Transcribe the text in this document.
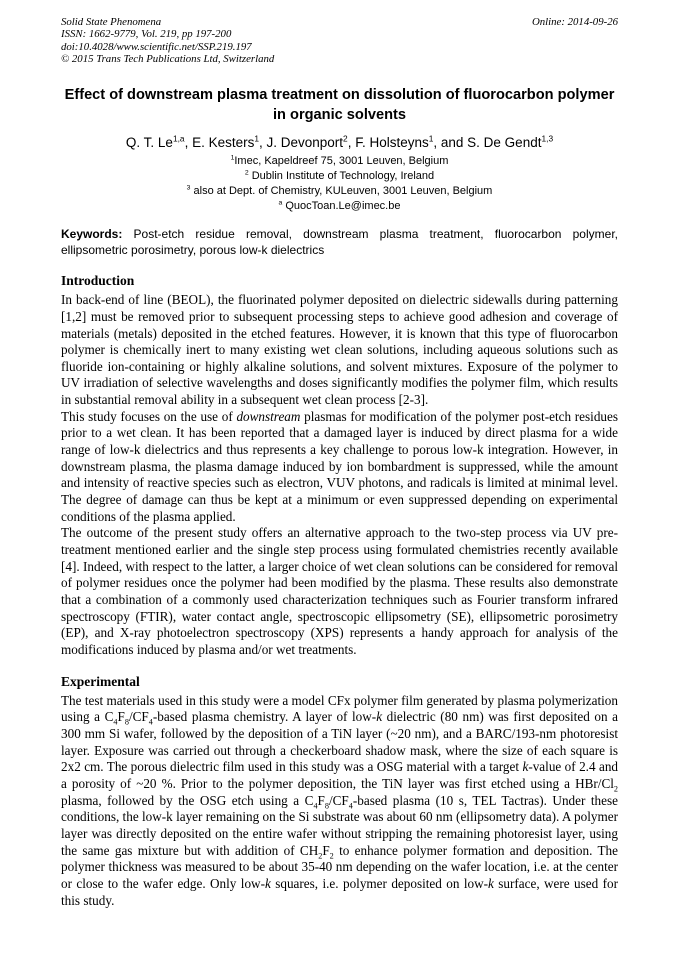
Solid State Phenomena
ISSN: 1662-9779, Vol. 219, pp 197-200
doi:10.4028/www.scientific.net/SSP.219.197
© 2015 Trans Tech Publications Ltd, Switzerland
Online: 2014-09-26
Effect of downstream plasma treatment on dissolution of fluorocarbon polymer in organic solvents

Q. T. Le$^{1,a}$, E. Kesters$^1$, J. Devonport$^2$, F. Holsteyns$^1$, and S. De Gendt$^{1,3}$

$^1$Imec, Kapeldreef 75, 3001 Leuven, Belgium
$^2$ Dublin Institute of Technology, Ireland
$^3$ also at Dept. of Chemistry, KULeuven, 3001 Leuven, Belgium
$^a$ QuocToan.Le@imec.be

Keywords: Post-etch residue removal, downstream plasma treatment, fluorocarbon polymer, ellipsometric porosimetry, porous low-k dielectrics

Introduction

In back-end of line (BEOL), the fluorinated polymer deposited on dielectric sidewalls during patterning [1,2] must be removed prior to subsequent processing steps to achieve good adhesion and coverage of materials (metals) deposited in the etched features. However, it is known that this type of fluorocarbon polymer is chemically inert to many existing wet clean solutions, including aqueous solutions such as fluoride ion-containing or highly alkaline solutions, and solvent mixtures. Exposure of the polymer to UV irradiation of selective wavelengths and doses significantly modifies the polymer film, which results in substantial removal ability in a subsequent wet clean process [2-3].

This study focuses on the use of downstream plasmas for modification of the polymer post-etch residues prior to a wet clean. It has been reported that a damaged layer is induced by direct plasma for a wide range of low-k dielectrics and thus represents a key challenge to porous low-k integration. However, in downstream plasma, the plasma damage induced by ion bombardment is suppressed, while the amount and intensity of reactive species such as electron, VUV photons, and radicals is limited at minimal level. The degree of damage can thus be kept at a minimum or even suppressed depending on experimental conditions of the plasma applied.

The outcome of the present study offers an alternative approach to the two-step process via UV pre-treatment mentioned earlier and the single step process using formulated chemistries recently available [4]. Indeed, with respect to the latter, a larger choice of wet clean solutions can be considered for removal of polymer residues once the polymer had been modified by the plasma. These results also demonstrate that a combination of a commonly used characterization techniques such as Fourier transform infrared spectroscopy (FTIR), water contact angle, spectroscopic ellipsometry (SE), ellipsometric porosimetry (EP), and X-ray photoelectron spectroscopy (XPS) represents a handy approach for analysis of the modifications induced by plasma and/or wet treatments.

Experimental

The test materials used in this study were a model CFx polymer film generated by plasma polymerization using a $C_4F_8/CF_4$-based plasma chemistry. A layer of low-k dielectric (80 nm) was first deposited on a 300 mm Si wafer, followed by the deposition of a TiN layer (~20 nm), and a BARC/193-nm photoresist layer. Exposure was carried out through a checkerboard shadow mask, where the size of each square is 2x2 cm. The porous dielectric film used in this study was a OSG material with a target k-value of 2.4 and a porosity of ~20 %. Prior to the polymer deposition, the TiN layer was first etched using a HBr/$Cl_2$ plasma, followed by the OSG etch using a $C_4F_8/CF_4$-based plasma (10 s, TEL Tactras). Under these conditions, the low-k layer remaining on the Si substrate was about 60 nm (ellipsometry data). A polymer layer was directly deposited on the entire wafer without stripping the remaining photoresist layer, using the same gas mixture but with addition of $CH_2F_2$ to enhance polymer formation and deposition. The polymer thickness was measured to be about 35-40 nm depending on the wafer location, i.e. at the center or close to the wafer edge. Only low-k squares, i.e. polymer deposited on low-k surface, were used for this study.
